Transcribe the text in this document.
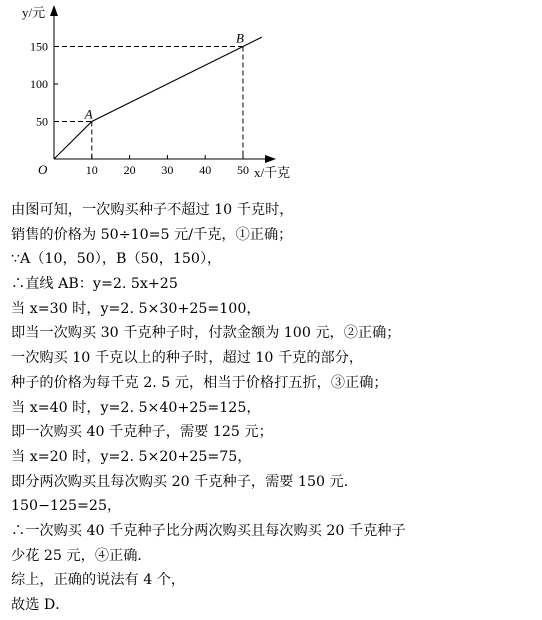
y/元
x/千克
O	10 20 30 40 50
50
100
150
A
B
由图可知，一次购买种子不超过 10 千克时，
销售的价格为 50÷10=5 元/千克，①正确；
∵A（10，50），B（50，150），
∴直线 AB：y=2. 5x+25
当 x=30 时，y=2. 5×30+25=100，
即当一次购买 30 千克种子时，付款金额为 100 元，②正确；
一次购买 10 千克以上的种子时，超过 10 千克的部分，
种子的价格为每千克 2. 5 元，相当于价格打五折，③正确；
当 x=40 时，y=2. 5×40+25=125，
即一次购买 40 千克种子，需要 125 元；
当 x=20 时，y=2. 5×20+25=75，
即分两次购买且每次购买 20 千克种子，需要 150 元．
150−125=25，
∴一次购买 40 千克种子比分两次购买且每次购买 20 千克种子
少花 25 元，④正确．
综上，正确的说法有 4 个，
故选 D．
